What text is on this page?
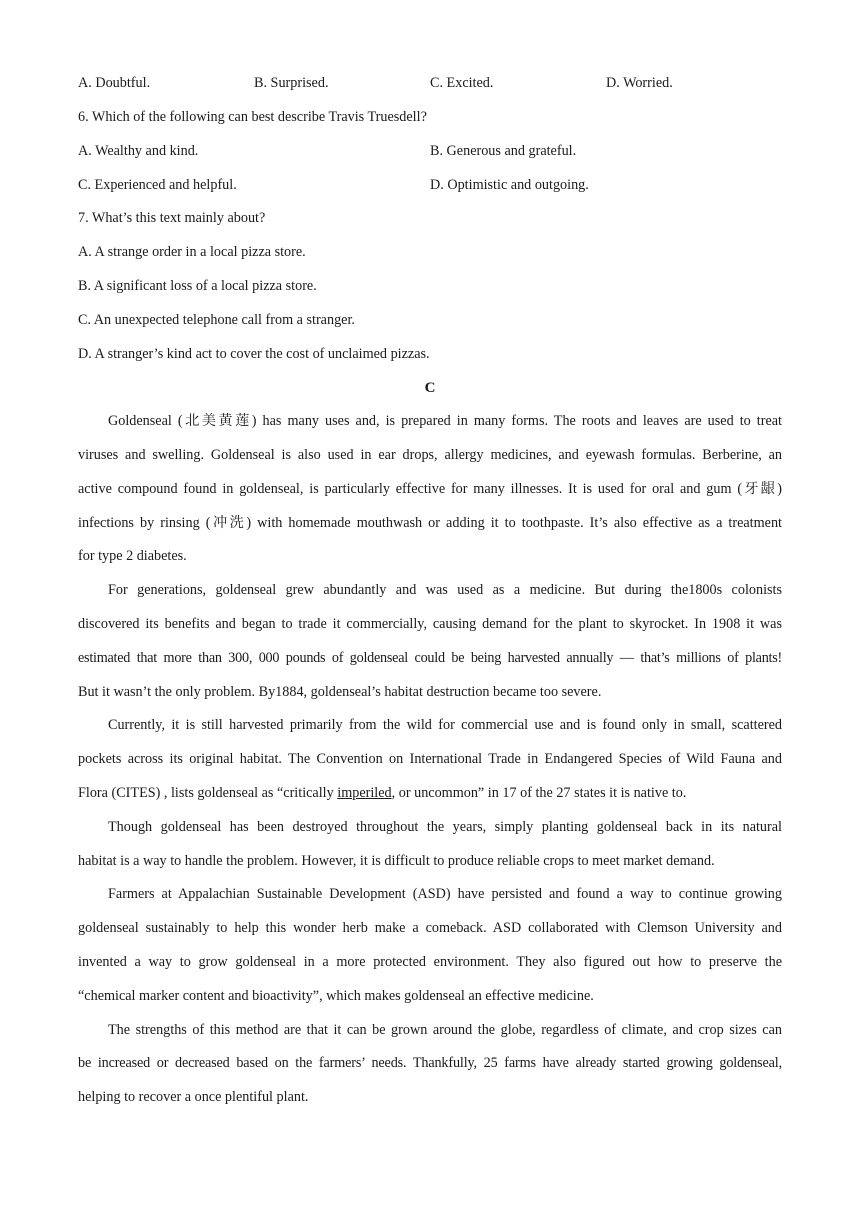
A. Doubtful.	B. Surprised.	C. Excited.	D. Worried.
6. Which of the following can best describe Travis Truesdell?
A. Wealthy and kind.	B. Generous and grateful.
C. Experienced and helpful.	D. Optimistic and outgoing.
7. What’s this text mainly about?
A. A strange order in a local pizza store.
B. A significant loss of a local pizza store.
C. An unexpected telephone call from a stranger.
D. A stranger’s kind act to cover the cost of unclaimed pizzas.
C
Goldenseal (北美黄莲) has many uses and, is prepared in many forms. The roots and leaves are used to treat
viruses and swelling. Goldenseal is also used in ear drops, allergy medicines, and eyewash formulas. Berberine, an
active compound found in goldenseal, is particularly effective for many illnesses. It is used for oral and gum (牙龈)
infections by rinsing (冲洗) with homemade mouthwash or adding it to toothpaste. It’s also effective as a treatment
for type 2 diabetes.
For generations, goldenseal grew abundantly and was used as a medicine. But during the1800s colonists
discovered its benefits and began to trade it commercially, causing demand for the plant to skyrocket. In 1908 it was
estimated that more than 300, 000 pounds of goldenseal could be being harvested annually — that’s millions of plants!
But it wasn’t the only problem. By1884, goldenseal’s habitat destruction became too severe.
Currently, it is still harvested primarily from the wild for commercial use and is found only in small, scattered
pockets across its original habitat. The Convention on International Trade in Endangered Species of Wild Fauna and
Flora (CITES) , lists goldenseal as “critically imperiled, or uncommon” in 17 of the 27 states it is native to.
Though goldenseal has been destroyed throughout the years, simply planting goldenseal back in its natural
habitat is a way to handle the problem. However, it is difficult to produce reliable crops to meet market demand.
Farmers at Appalachian Sustainable Development (ASD) have persisted and found a way to continue growing
goldenseal sustainably to help this wonder herb make a comeback. ASD collaborated with Clemson University and
invented a way to grow goldenseal in a more protected environment. They also figured out how to preserve the
“chemical marker content and bioactivity”, which makes goldenseal an effective medicine.
The strengths of this method are that it can be grown around the globe, regardless of climate, and crop sizes can
be increased or decreased based on the farmers’ needs. Thankfully, 25 farms have already started growing goldenseal,
helping to recover a once plentiful plant.
